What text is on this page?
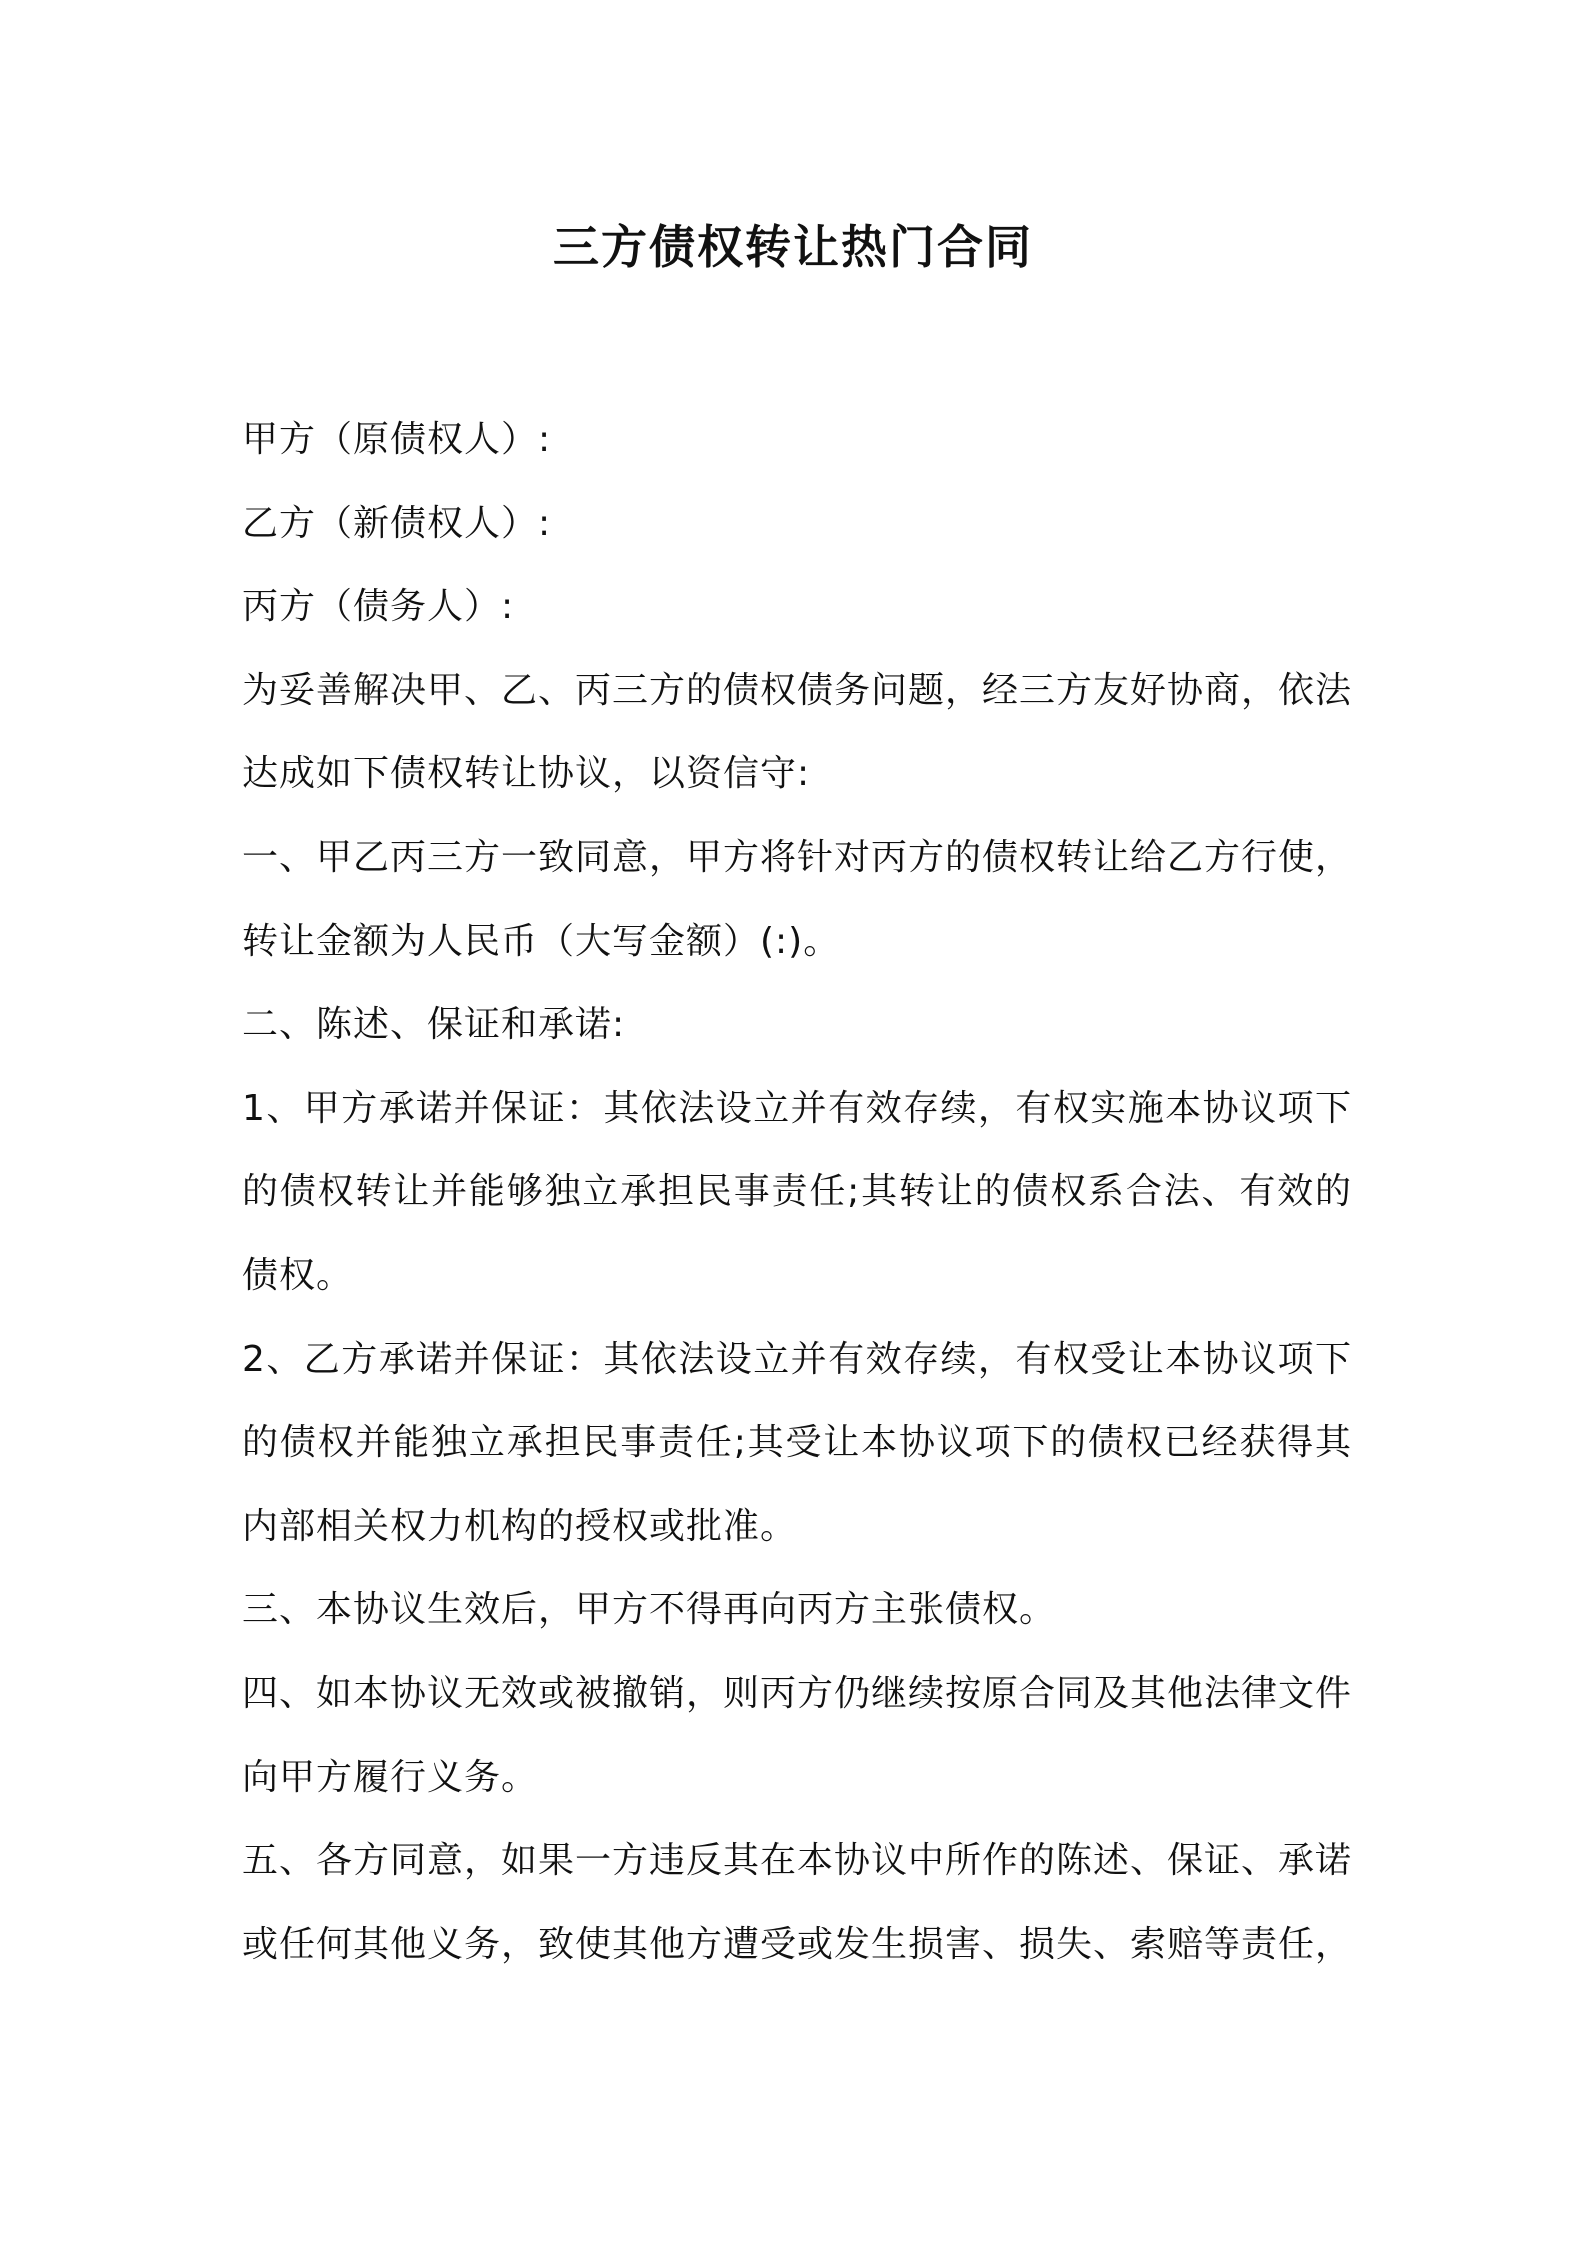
三方债权转让热门合同

甲方（原债权人）:

乙方（新债权人）:

丙方（债务人）:

为妥善解决甲、乙、丙三方的债权债务问题，经三方友好协商，依法

达成如下债权转让协议，以资信守:

一、甲乙丙三方一致同意，甲方将针对丙方的债权转让给乙方行使，

转让金额为人民币（大写金额）(:)。

二、陈述、保证和承诺:

1、甲方承诺并保证：其依法设立并有效存续，有权实施本协议项下

的债权转让并能够独立承担民事责任;其转让的债权系合法、有效的

债权。

2、乙方承诺并保证：其依法设立并有效存续，有权受让本协议项下

的债权并能独立承担民事责任;其受让本协议项下的债权已经获得其

内部相关权力机构的授权或批准。

三、本协议生效后，甲方不得再向丙方主张债权。

四、如本协议无效或被撤销，则丙方仍继续按原合同及其他法律文件

向甲方履行义务。

五、各方同意，如果一方违反其在本协议中所作的陈述、保证、承诺

或任何其他义务，致使其他方遭受或发生损害、损失、索赔等责任，
